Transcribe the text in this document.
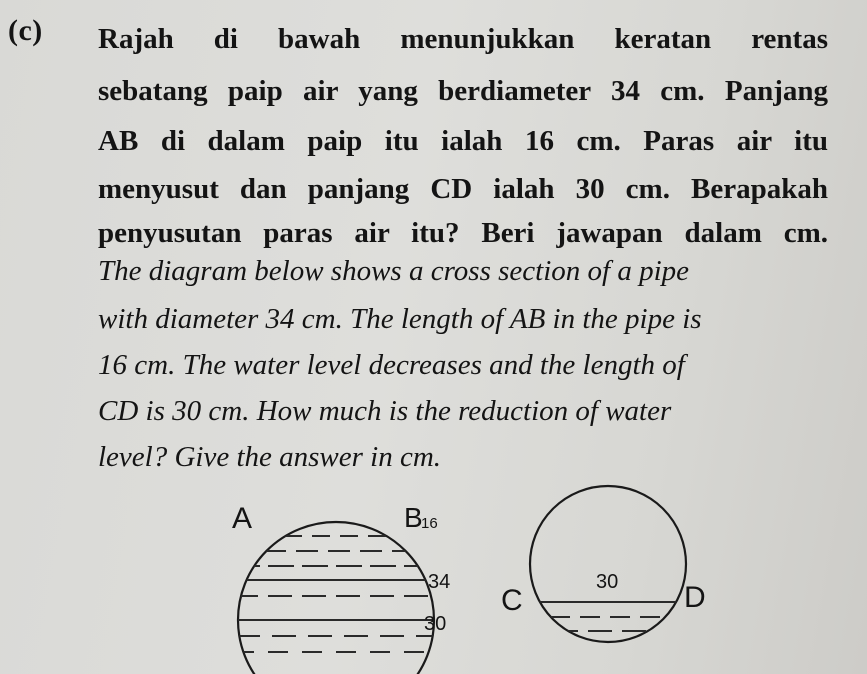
(c) Rajah di bawah menunjukkan keratan rentas
sebatang paip air yang berdiameter 34 cm. Panjang
AB di dalam paip itu ialah 16 cm. Paras air itu
menyusut dan panjang CD ialah 30 cm. Berapakah
penyusutan paras air itu? Beri jawapan dalam cm.
The diagram below shows a cross section of a pipe
with diameter 34 cm. The length of AB in the pipe is
16 cm. The water level decreases and the length of
CD is 30 cm. How much is the reduction of water
level? Give the answer in cm.
A	B
16
34
30
C	D
30
